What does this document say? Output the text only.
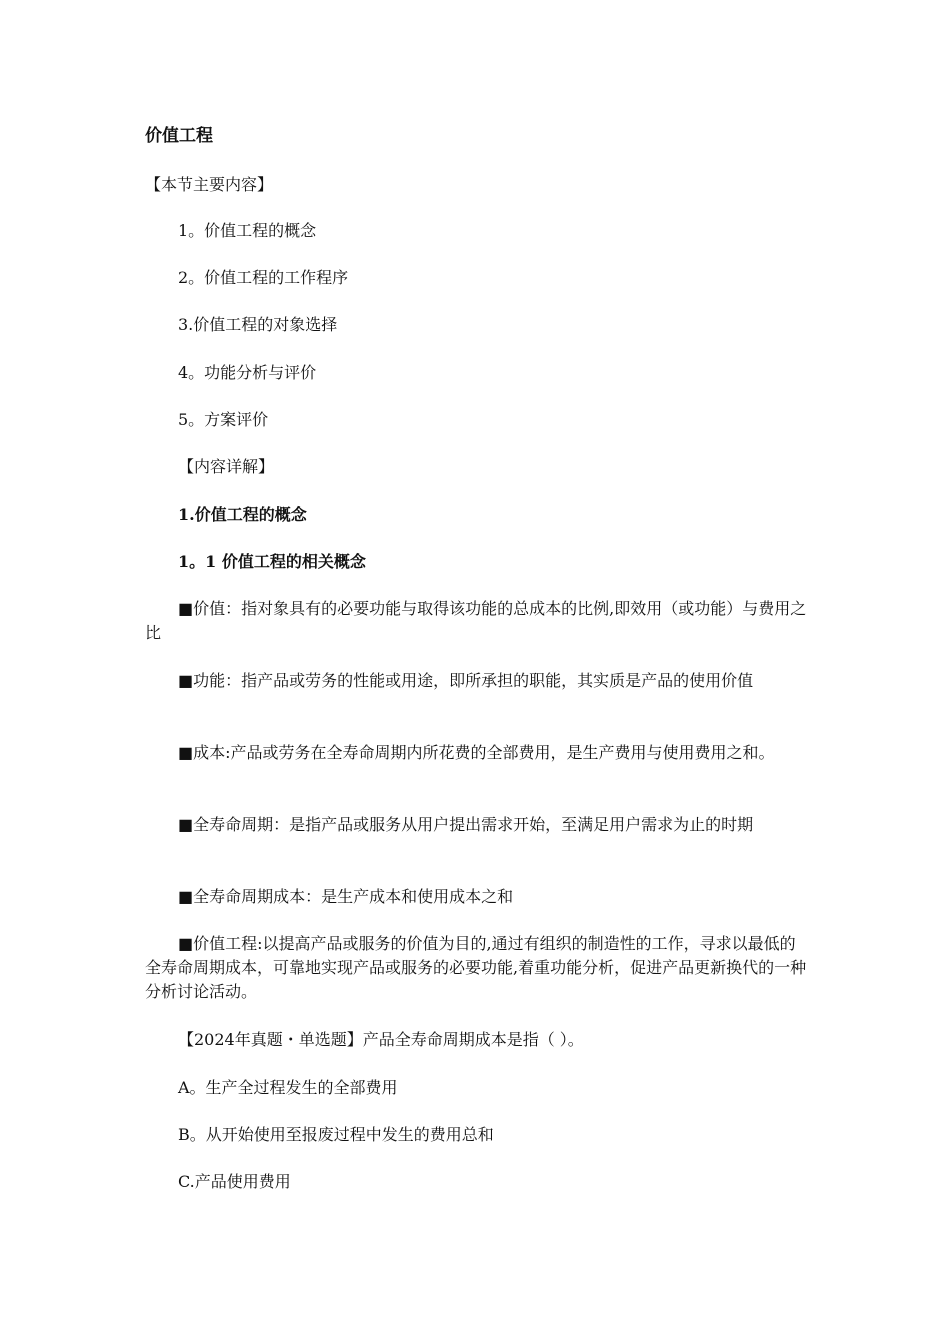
价值工程
【本节主要内容】
1。价值工程的概念
2。价值工程的工作程序
3.价值工程的对象选择
4。功能分析与评价
5。方案评价
【内容详解】
1.价值工程的概念
1。1 价值工程的相关概念
■价值：指对象具有的必要功能与取得该功能的总成本的比例,即效用（或功能）与费用之比
■功能：指产品或劳务的性能或用途，即所承担的职能，其实质是产品的使用价值
■成本:产品或劳务在全寿命周期内所花费的全部费用，是生产费用与使用费用之和。
■全寿命周期：是指产品或服务从用户提出需求开始，至满足用户需求为止的时期
■全寿命周期成本：是生产成本和使用成本之和
■价值工程:以提高产品或服务的价值为目的,通过有组织的制造性的工作，寻求以最低的全寿命周期成本，可靠地实现产品或服务的必要功能,着重功能分析，促进产品更新换代的一种分析讨论活动。
【2024年真题・单选题】产品全寿命周期成本是指（ ）。
A。生产全过程发生的全部费用
B。从开始使用至报废过程中发生的费用总和
C.产品使用费用
